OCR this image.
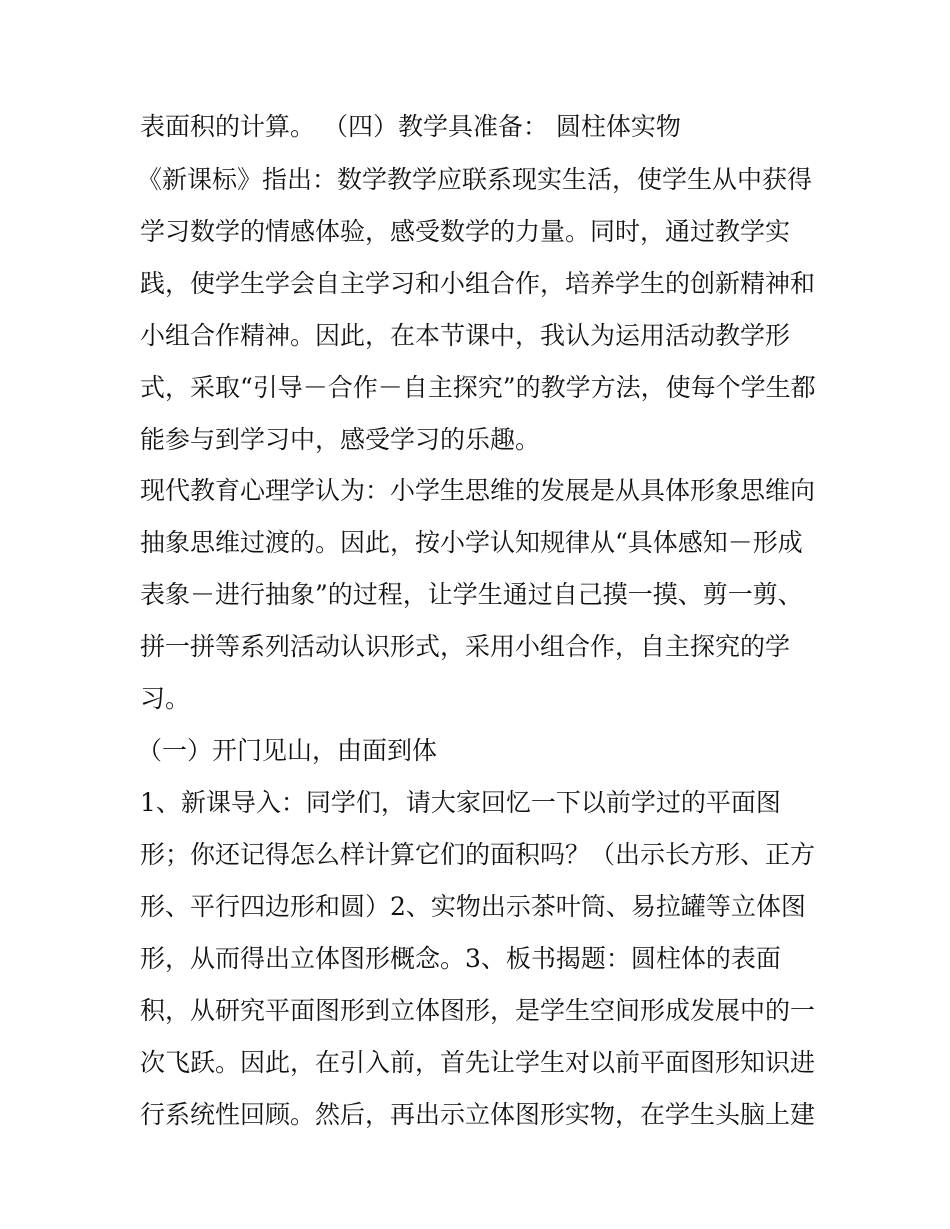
表面积的计算。 （四）教学具准备： 圆柱体实物
《新课标》指出：数学教学应联系现实生活，使学生从中获得
学习数学的情感体验，感受数学的力量。同时，通过教学实
践，使学生学会自主学习和小组合作，培养学生的创新精神和
小组合作精神。因此，在本节课中，我认为运用活动教学形
式，采取“引导－合作－自主探究”的教学方法，使每个学生都
能参与到学习中，感受学习的乐趣。
现代教育心理学认为：小学生思维的发展是从具体形象思维向
抽象思维过渡的。因此，按小学认知规律从“具体感知－形成
表象－进行抽象”的过程，让学生通过自己摸一摸、剪一剪、
拼一拼等系列活动认识形式，采用小组合作，自主探究的学
习。
（一）开门见山，由面到体
1、新课导入：同学们，请大家回忆一下以前学过的平面图
形；你还记得怎么样计算它们的面积吗？（出示长方形、正方
形、平行四边形和圆）2、实物出示茶叶筒、易拉罐等立体图
形，从而得出立体图形概念。3、板书揭题：圆柱体的表面
积，从研究平面图形到立体图形，是学生空间形成发展中的一
次飞跃。因此，在引入前，首先让学生对以前平面图形知识进
行系统性回顾。然后，再出示立体图形实物，在学生头脑上建
